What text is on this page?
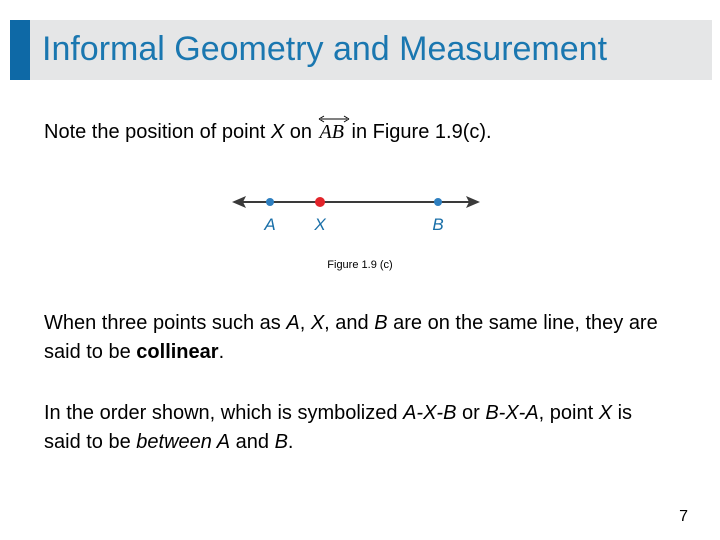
Informal Geometry and Measurement
Note the position of point X on
AB in Figure 1.9(c).
A X	B
Figure 1.9 (c)
When three points such as A, X, and B are on the same line, they are said to be collinear.
In the order shown, which is symbolized A-X-B or B-X-A, point X is said to be between A and B.
7
